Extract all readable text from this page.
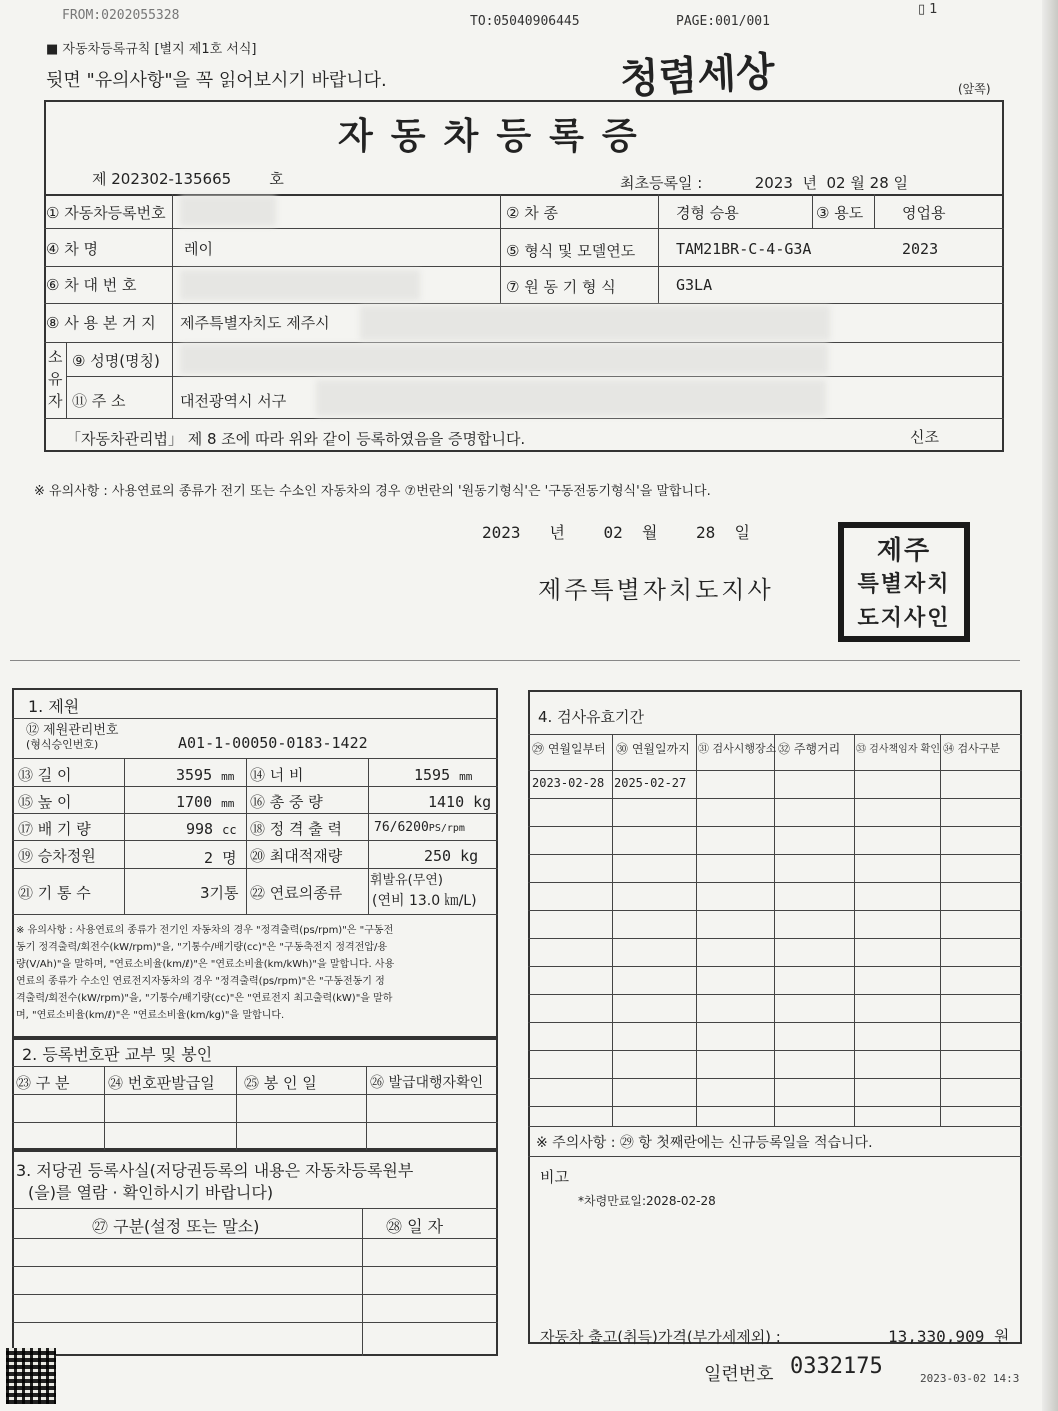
FROM:0202055328	TO:05040906445	PAGE:001/001
▯ 1
■ 자동차등록규칙 [별지 제1호 서식]
뒷면 "유의사항"을 꼭 읽어보시기 바랍니다.	청렴세상	(앞쪽)
자동차등록증
제 202302-135665	호	최초등록일 :	2023 년 02 월 28 일
① 자동차등록번호	② 차 종	경형 승용	③ 용도	영업용
④ 차 명	레이	⑤ 형식 및 모델연도	TAM21BR-C-4-G3A	2023
⑥ 차 대 번 호	⑦ 원 동 기 형 식	G3LA
⑧ 사 용 본 거 지 제주특별자치도 제주시
소유자
⑨ 성명(명칭)
⑪ 주 소	대전광역시 서구
「자동차관리법」 제 8 조에 따라 위와 같이 등록하였음을 증명합니다.	신조
※ 유의사항 : 사용연료의 종류가 전기 또는 수소인 자동차의 경우 ⑦번란의 '원동기형식'은 '구동전동기형식'을 말합니다.
2023 년 02 월 28 일
제주특별자치도지사
제주
특별자치
도지사인
1. 제원
⑫ 제원관리번호
(형식승인번호)	A01-1-00050-0183-1422
⑬ 길 이	3595 mm ⑭ 너 비	1595 mm
⑮ 높 이	1700 mm ⑯ 총 중 량	1410 kg
⑰ 배 기 량	998 cc ⑱ 정 격 출 력 76/6200PS/rpm
⑲ 승차정원	2 명 ⑳ 최대적재량	250 kg
㉑ 기 통 수	3기통 ㉒ 연료의종류
휘발유(무연)
(연비 13.0 ㎞/L)
※ 유의사항 : 사용연료의 종류가 전기인 자동차의 경우 "정격출력(ps/rpm)"은 "구동전
동기 정격출력/회전수(kW/rpm)"을, "기통수/배기량(cc)"은 "구동축전지 정격전압/용
량(V/Ah)"을 말하며, "연료소비율(km/ℓ)"은 "연료소비율(km/kWh)"을 말합니다. 사용
연료의 종류가 수소인 연료전지자동차의 경우 "정격출력(ps/rpm)"은 "구동전동기 정
격출력/회전수(kW/rpm)"을, "기통수/배기량(cc)"은 "연료전지 최고출력(kW)"을 말하
며, "연료소비율(km/ℓ)"은 "연료소비율(km/kg)"을 말합니다.
2. 등록번호판 교부 및 봉인
㉓ 구 분	㉔ 번호판발급일 ㉕ 봉 인 일	㉖ 발급대행자확인
3. 저당권 등록사실(저당권등록의 내용은 자동차등록원부
(을)를 열람 · 확인하시기 바랍니다)
㉗ 구분(설정 또는 말소)	㉘ 일 자
4. 검사유효기간
㉙ 연월일부터 ㉚ 연월일까지 ㉛ 검사시행장소 ㉜ 주행거리 ㉝ 검사책임자 확인 ㉞ 검사구분
2023-02-28 2025-02-27
※ 주의사항 : ㉙ 항 첫째란에는 신규등록일을 적습니다.
비고
*차령만료일:2028-02-28
자동차 출고(취득)가격(부가세제외) :	13,330,909 원
일련번호 0332175	2023-03-02 14:3
